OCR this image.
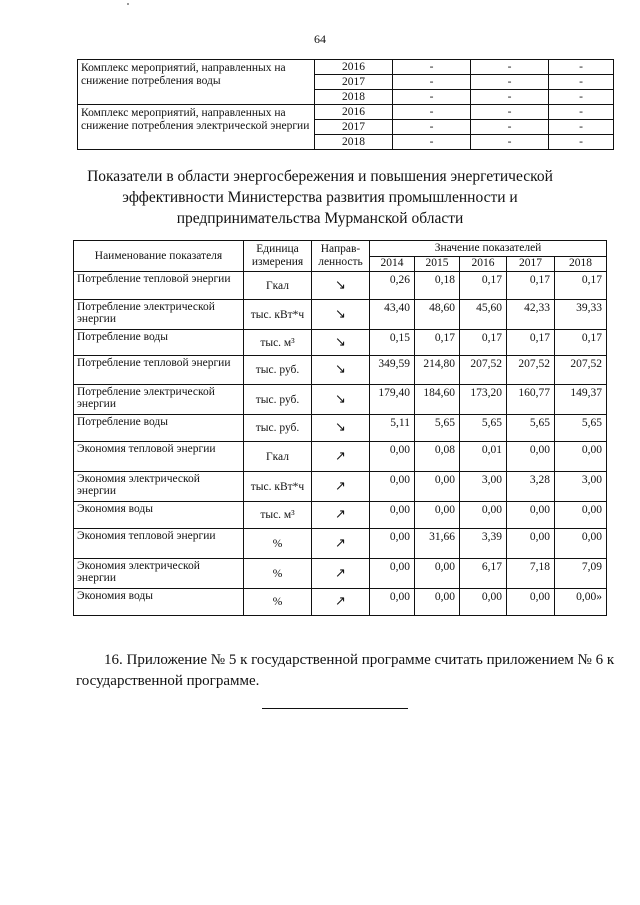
64
Комплекс мероприятий, направленных на снижение потребления воды	2016	-	-	-
	2017	-	-	-
	2018	-	-	-
Комплекс мероприятий, направленных на снижение потребления электрической энергии	2016	-	-	-
	2017	-	-	-
	2018	-	-	-
Показатели в области энергосбережения и повышения энергетической эффективности Министерства развития промышленности и предпринимательства Мурманской области
Наименование показателя	Единица измерения	Направ-ленность	Значение показателей				
			2014	2015	2016	2017	2018
Потребление тепловой энергии	Гкал	↘	0,26	0,18	0,17	0,17	0,17
Потребление электрической энергии	тыс. кВт*ч	↘	43,40	48,60	45,60	42,33	39,33
Потребление воды	тыс. м³	↘	0,15	0,17	0,17	0,17	0,17
Потребление тепловой энергии	тыс. руб.	↘	349,59	214,80	207,52	207,52	207,52
Потребление электрической энергии	тыс. руб.	↘	179,40	184,60	173,20	160,77	149,37
Потребление воды	тыс. руб.	↘	5,11	5,65	5,65	5,65	5,65
Экономия тепловой энергии	Гкал	↗	0,00	0,08	0,01	0,00	0,00
Экономия электрической энергии	тыс. кВт*ч	↗	0,00	0,00	3,00	3,28	3,00
Экономия воды	тыс. м³	↗	0,00	0,00	0,00	0,00	0,00
Экономия тепловой энергии	%	↗	0,00	31,66	3,39	0,00	0,00
Экономия электрической энергии	%	↗	0,00	0,00	6,17	7,18	7,09
Экономия воды	%	↗	0,00	0,00	0,00	0,00	0,00»
16. Приложение № 5 к государственной программе считать приложением № 6 к государственной программе.
